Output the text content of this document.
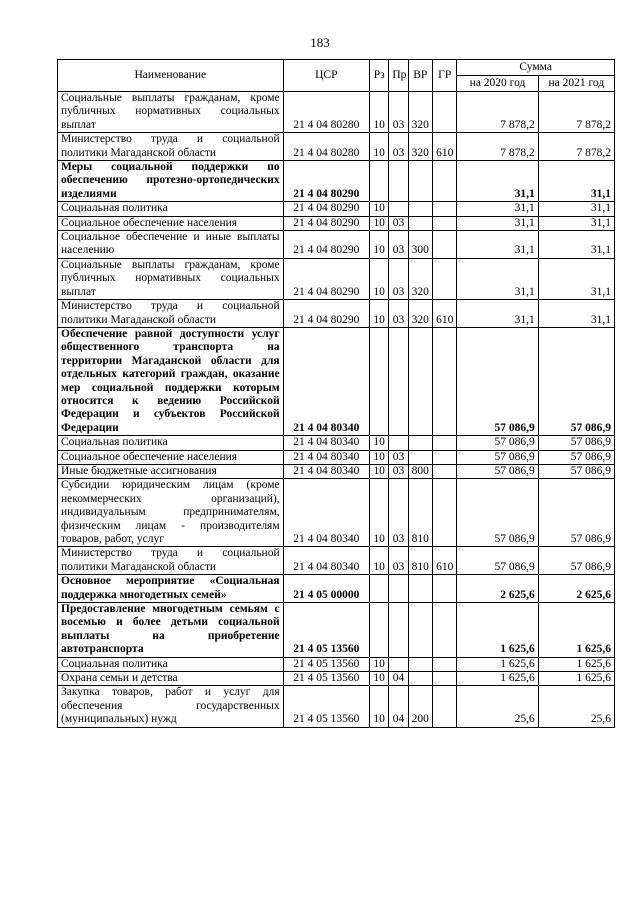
183
Наименование	ЦСР	Рз	Пр	ВР	ГР	Сумма	
						на 2020 год	на 2021 год
Социальные выплаты гражданам, кроме публичных нормативных социальных выплат	21 4 04 80280	10	03	320		7 878,2	7 878,2
Министерство труда и социальной политики Магаданской области	21 4 04 80280	10	03	320	610	7 878,2	7 878,2
Меры социальной поддержки по обеспечению протезно-ортопедических изделиями	21 4 04 80290					31,1	31,1
Социальная политика	21 4 04 80290	10				31,1	31,1
Социальное обеспечение населения	21 4 04 80290	10	03			31,1	31,1
Социальное обеспечение и иные выплаты населению	21 4 04 80290	10	03	300		31,1	31,1
Социальные выплаты гражданам, кроме публичных нормативных социальных выплат	21 4 04 80290	10	03	320		31,1	31,1
Министерство труда и социальной политики Магаданской области	21 4 04 80290	10	03	320	610	31,1	31,1
Обеспечение равной доступности услуг общественного транспорта на территории Магаданской области для отдельных категорий граждан, оказание мер социальной поддержки которым относится к ведению Российской Федерации и субъектов Российской Федерации	21 4 04 80340					57 086,9	57 086,9
Социальная политика	21 4 04 80340	10				57 086,9	57 086,9
Социальное обеспечение населения	21 4 04 80340	10	03			57 086,9	57 086,9
Иные бюджетные ассигнования	21 4 04 80340	10	03	800		57 086,9	57 086,9
Субсидии юридическим лицам (кроме некоммерческих организаций), индивидуальным предпринимателям, физическим лицам - производителям товаров, работ, услуг	21 4 04 80340	10	03	810		57 086,9	57 086,9
Министерство труда и социальной политики Магаданской области	21 4 04 80340	10	03	810	610	57 086,9	57 086,9
Основное мероприятие «Социальная поддержка многодетных семей»	21 4 05 00000					2 625,6	2 625,6
Предоставление многодетным семьям с восемью и более детьми социальной выплаты на приобретение автотранспорта	21 4 05 13560					1 625,6	1 625,6
Социальная политика	21 4 05 13560	10				1 625,6	1 625,6
Охрана семьи и детства	21 4 05 13560	10	04			1 625,6	1 625,6
Закупка товаров, работ и услуг для обеспечения государственных (муниципальных) нужд	21 4 05 13560	10	04	200		25,6	25,6
